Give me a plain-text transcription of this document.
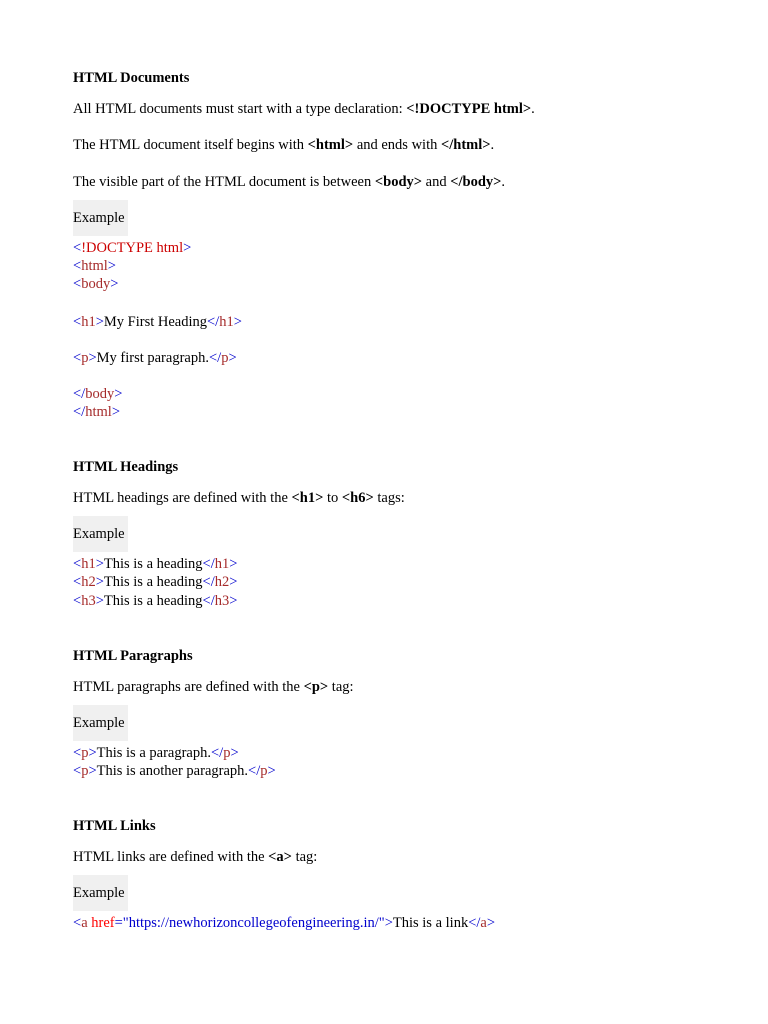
HTML Documents
All HTML documents must start with a type declaration: <!DOCTYPE html>.
The HTML document itself begins with <html> and ends with </html>.
The visible part of the HTML document is between <body> and </body>.
Example
<!DOCTYPE html>
<html>
<body>
<h1>My First Heading</h1>
<p>My first paragraph.</p>
</body>
</html>
HTML Headings
HTML headings are defined with the <h1> to <h6> tags:
Example
<h1>This is a heading</h1>
<h2>This is a heading</h2>
<h3>This is a heading</h3>
HTML Paragraphs
HTML paragraphs are defined with the <p> tag:
Example
<p>This is a paragraph.</p>
<p>This is another paragraph.</p>
HTML Links
HTML links are defined with the <a> tag:
Example
<a href="https://newhorizoncollegeofengineering.in/">This is a link</a>
